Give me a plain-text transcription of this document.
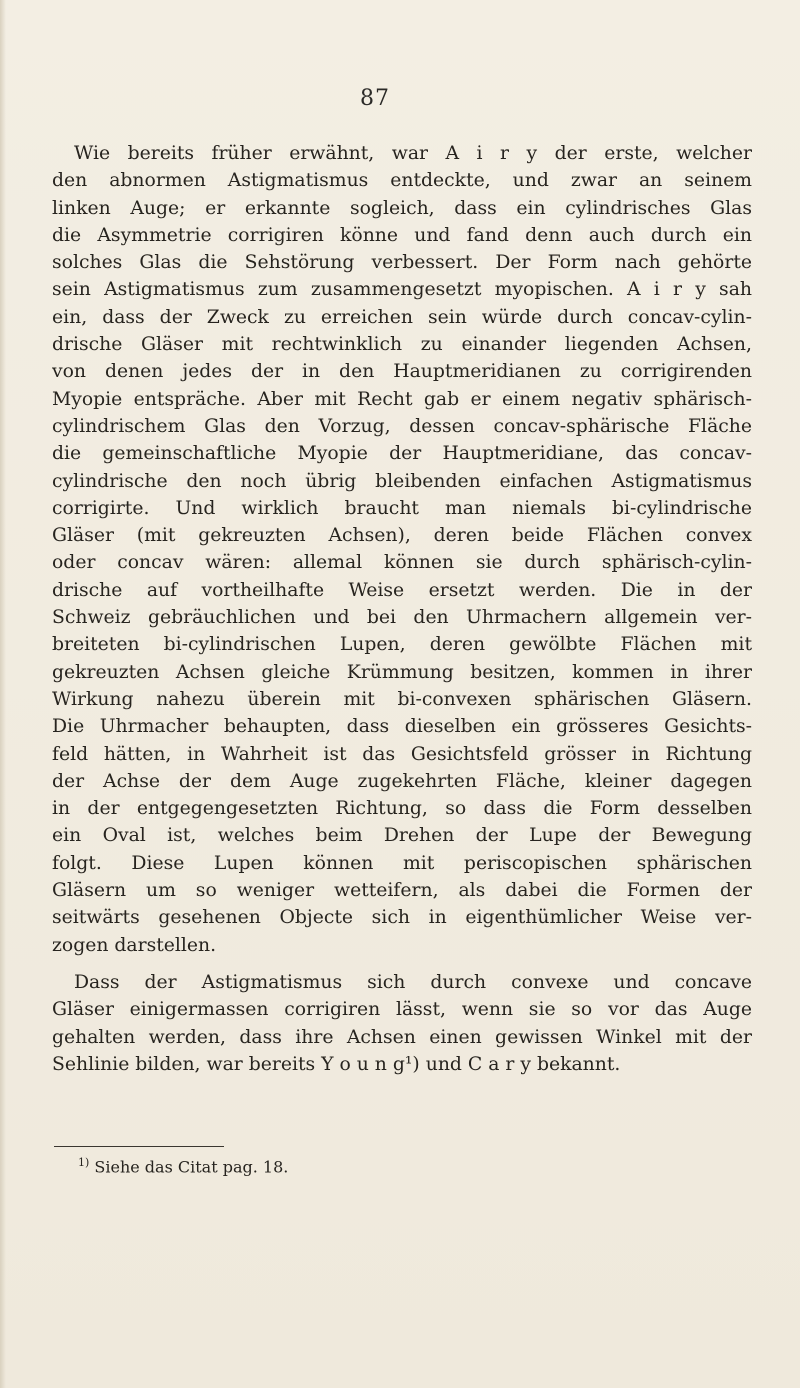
87
Wie bereits früher erwähnt, war A i r y der erste, welcher
den abnormen Astigmatismus entdeckte, und zwar an seinem
linken Auge; er erkannte sogleich, dass ein cylindrisches Glas
die Asymmetrie corrigiren könne und fand denn auch durch ein
solches Glas die Sehstörung verbessert. Der Form nach gehörte
sein Astigmatismus zum zusammengesetzt myopischen. A i r y sah
ein, dass der Zweck zu erreichen sein würde durch concav-cylin-
drische Gläser mit rechtwinklich zu einander liegenden Achsen,
von denen jedes der in den Hauptmeridianen zu corrigirenden
Myopie entspräche. Aber mit Recht gab er einem negativ sphärisch-
cylindrischem Glas den Vorzug, dessen concav-sphärische Fläche
die gemeinschaftliche Myopie der Hauptmeridiane, das concav-
cylindrische den noch übrig bleibenden einfachen Astigmatismus
corrigirte. Und wirklich braucht man niemals bi-cylindrische
Gläser (mit gekreuzten Achsen), deren beide Flächen convex
oder concav wären: allemal können sie durch sphärisch-cylin-
drische auf vortheilhafte Weise ersetzt werden. Die in der
Schweiz gebräuchlichen und bei den Uhrmachern allgemein ver-
breiteten bi-cylindrischen Lupen, deren gewölbte Flächen mit
gekreuzten Achsen gleiche Krümmung besitzen, kommen in ihrer
Wirkung nahezu überein mit bi-convexen sphärischen Gläsern.
Die Uhrmacher behaupten, dass dieselben ein grösseres Gesichts-
feld hätten, in Wahrheit ist das Gesichtsfeld grösser in Richtung
der Achse der dem Auge zugekehrten Fläche, kleiner dagegen
in der entgegengesetzten Richtung, so dass die Form desselben
ein Oval ist, welches beim Drehen der Lupe der Bewegung
folgt. Diese Lupen können mit periscopischen sphärischen
Gläsern um so weniger wetteifern, als dabei die Formen der
seitwärts gesehenen Objecte sich in eigenthümlicher Weise ver-
zogen darstellen.
Dass der Astigmatismus sich durch convexe und concave
Gläser einigermassen corrigiren lässt, wenn sie so vor das Auge
gehalten werden, dass ihre Achsen einen gewissen Winkel mit der
Sehlinie bilden, war bereits Y o u n g¹) und C a r y bekannt.
$^{1)}$ Siehe das Citat pag. 18.
